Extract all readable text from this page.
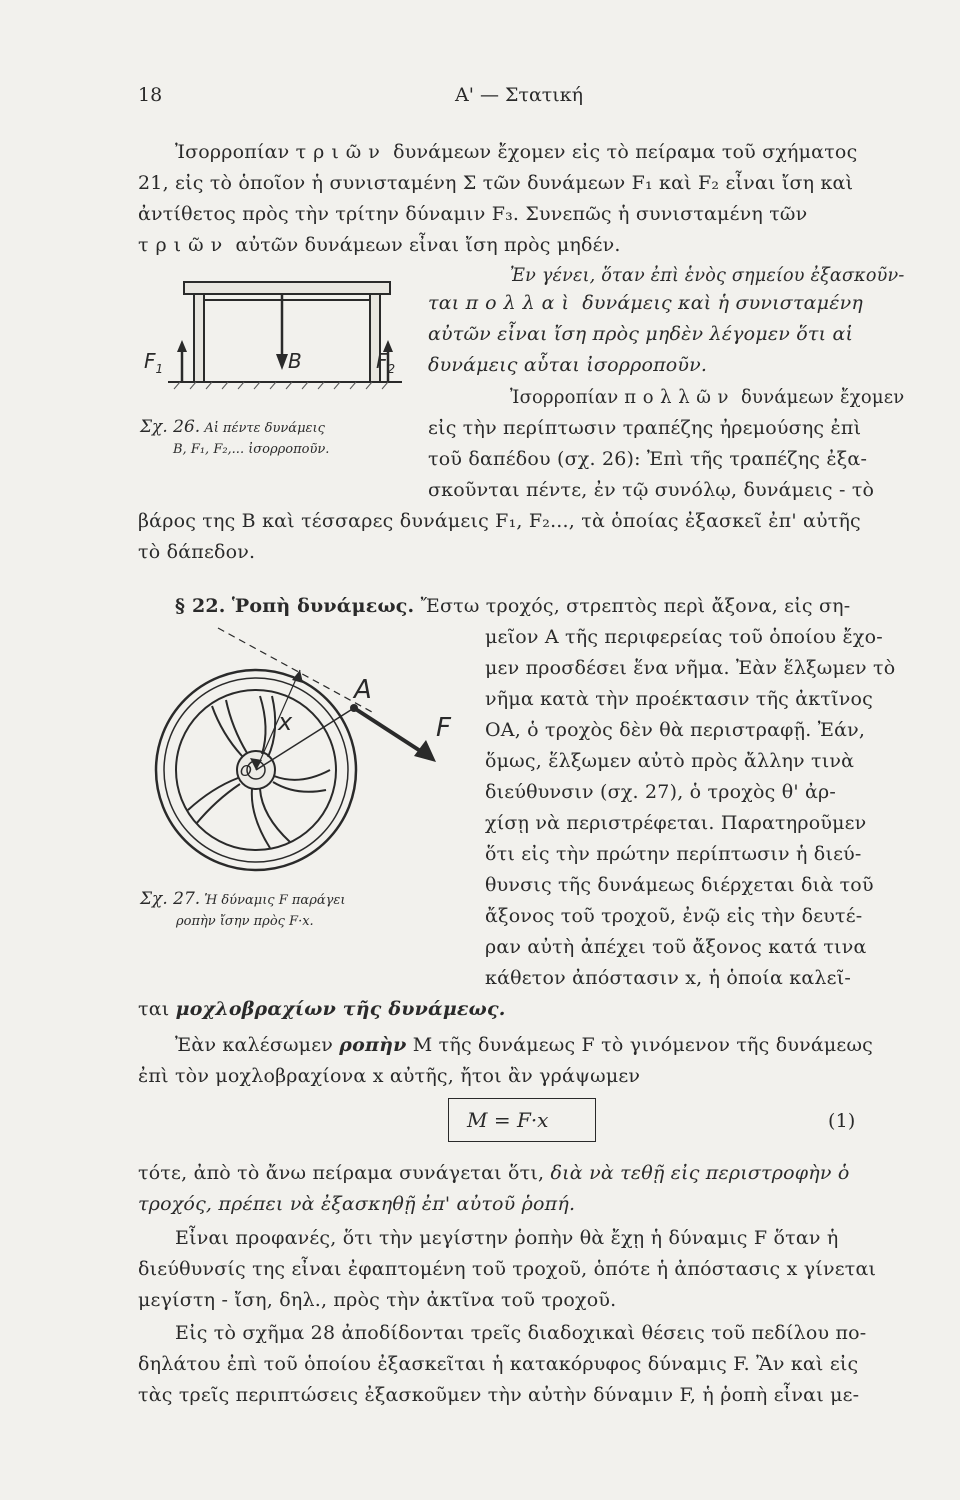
18	Α' — Στατική
Ἰσορροπίαν τριῶν δυνάμεων ἔχομεν εἰς τὸ πείραμα τοῦ σχήματος
21, εἰς τὸ ὁποῖον ἡ συνισταμένη Σ τῶν δυνάμεων F₁ καὶ F₂ εἶναι ἴση καὶ
ἀντίθετος πρὸς τὴν τρίτην δύναμιν F₃. Συνεπῶς ἡ συνισταμένη τῶν
τριῶν αὐτῶν δυνάμεων εἶναι ἴση πρὸς μηδέν.
$F_1$	B	$F_2$
Σχ. 26. Αἱ πέντε δυνάμεις
B, F₁, F₂,... ἰσορροποῦν.
Ἐν γένει, ὅταν ἐπὶ ἑνὸς σημείου ἐξασκοῦν-
ται πολλαὶ δυνάμεις καὶ ἡ συνισταμένη
αὐτῶν εἶναι ἴση πρὸς μηδὲν λέγομεν ὅτι αἱ
δυνάμεις αὗται ἰσορροποῦν.
Ἰσορροπίαν πολλῶν δυνάμεων ἔχομεν
εἰς τὴν περίπτωσιν τραπέζης ἠρεμούσης ἐπὶ
τοῦ δαπέδου (σχ. 26): Ἐπὶ τῆς τραπέζης ἐξα-
σκοῦνται πέντε, ἐν τῷ συνόλῳ, δυνάμεις - τὸ
βάρος της B καὶ τέσσαρες δυνάμεις F₁, F₂..., τὰ ὁποίας ἐξασκεῖ ἐπ' αὐτῆς
τὸ δάπεδον.
§ 22. Ῥοπὴ δυνάμεως. Ἔστω τροχός, στρεπτὸς περὶ ἄξονα, εἰς ση-
μεῖον A τῆς περιφερείας τοῦ ὁποίου ἔχο-
μεν προσδέσει ἕνα νῆμα. Ἐὰν ἕλξωμεν τὸ
νῆμα κατὰ τὴν προέκτασιν τῆς ἀκτῖνος
OA, ὁ τροχὸς δὲν θὰ περιστραφῇ. Ἐάν,
ὅμως, ἕλξωμεν αὐτὸ πρὸς ἄλλην τινὰ
διεύθυνσιν (σχ. 27), ὁ τροχὸς θ' ἀρ-
χίσῃ νὰ περιστρέφεται. Παρατηροῦμεν
ὅτι εἰς τὴν πρώτην περίπτωσιν ἡ διεύ-
θυνσις τῆς δυνάμεως διέρχεται διὰ τοῦ
ἄξονος τοῦ τροχοῦ, ἐνῷ εἰς τὴν δευτέ-
ραν αὐτὴ ἀπέχει τοῦ ἄξονος κατά τινα
κάθετον ἀπόστασιν x, ἡ ὁποία καλεῖ-
ται μοχλοβραχίων τῆς δυνάμεως.
A
F
x
O
Σχ. 27. Ἡ δύναμις F παράγει
ροπὴν ἴσην πρὸς F·x.
Ἐὰν καλέσωμεν ροπὴν M τῆς δυνάμεως F τὸ γινόμενον τῆς δυνάμεως
ἐπὶ τὸν μοχλοβραχίονα x αὐτῆς, ἤτοι ἂν γράψωμεν
M = F·x	(1)
τότε, ἀπὸ τὸ ἄνω πείραμα συνάγεται ὅτι, διὰ νὰ τεθῇ εἰς περιστροφὴν ὁ
τροχός, πρέπει νὰ ἐξασκηθῇ ἐπ' αὐτοῦ ῥοπή.
Εἶναι προφανές, ὅτι τὴν μεγίστην ῥοπὴν θὰ ἔχῃ ἡ δύναμις F ὅταν ἡ
διεύθυνσίς της εἶναι ἐφαπτομένη τοῦ τροχοῦ, ὁπότε ἡ ἀπόστασις x γίνεται
μεγίστη - ἴση, δηλ., πρὸς τὴν ἀκτῖνα τοῦ τροχοῦ.
Εἰς τὸ σχῆμα 28 ἀποδίδονται τρεῖς διαδοχικαὶ θέσεις τοῦ πεδίλου πο-
δηλάτου ἐπὶ τοῦ ὁποίου ἐξασκεῖται ἡ κατακόρυφος δύναμις F. Ἂν καὶ εἰς
τὰς τρεῖς περιπτώσεις ἐξασκοῦμεν τὴν αὐτὴν δύναμιν F, ἡ ῥοπὴ εἶναι με-
